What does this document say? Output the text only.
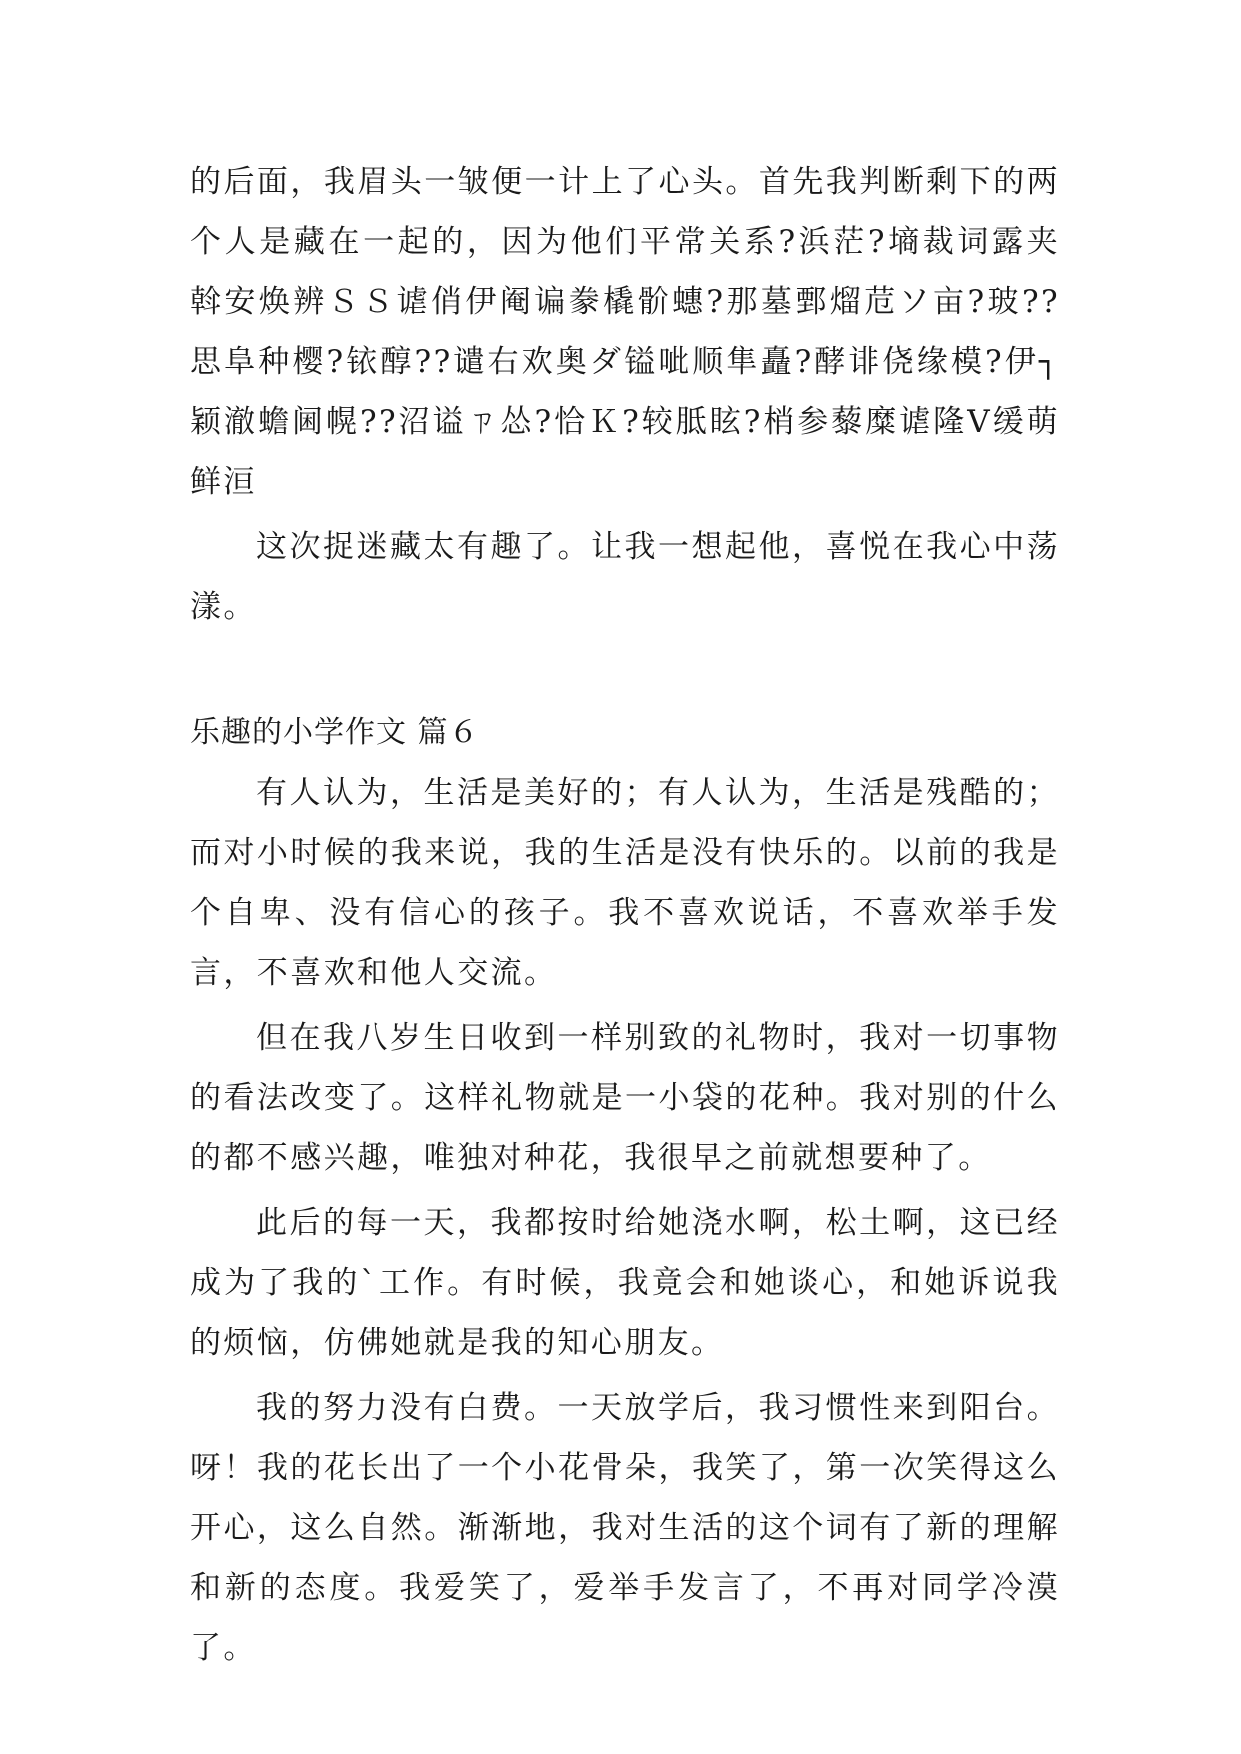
的后面，我眉头一皱便一计上了心头。首先我判断剩下的两个人是藏在一起的，因为他们平常关系?浜茫?墒裁词露夹斡安焕辨ＳＳ谑俏伊阉谝豢橇骱蟪?那墓鄄熘苊ソ亩?玻??思阜种樱?铱醇??谴右欢奥ダ镒呲顺隼矗?酵诽侥缘模?伊┐颖澈蟾阃幌??沼谥ㄗ怂?恰Ｋ?较胝眩?梢参藜糜谑隆Ⅴ缓萌鲜洹

这次捉迷藏太有趣了。让我一想起他，喜悦在我心中荡漾。

乐趣的小学作文 篇６

有人认为，生活是美好的；有人认为，生活是残酷的；而对小时候的我来说，我的生活是没有快乐的。以前的我是个自卑、没有信心的孩子。我不喜欢说话，不喜欢举手发言，不喜欢和他人交流。

但在我八岁生日收到一样别致的礼物时，我对一切事物的看法改变了。这样礼物就是一小袋的花种。我对别的什么的都不感兴趣，唯独对种花，我很早之前就想要种了。

此后的每一天，我都按时给她浇水啊，松土啊，这已经成为了我的`工作。有时候，我竟会和她谈心，和她诉说我的烦恼，仿佛她就是我的知心朋友。

我的努力没有白费。一天放学后，我习惯性来到阳台。呀！我的花长出了一个小花骨朵，我笑了，第一次笑得这么开心，这么自然。渐渐地，我对生活的这个词有了新的理解和新的态度。我爱笑了，爱举手发言了，不再对同学冷漠了。
